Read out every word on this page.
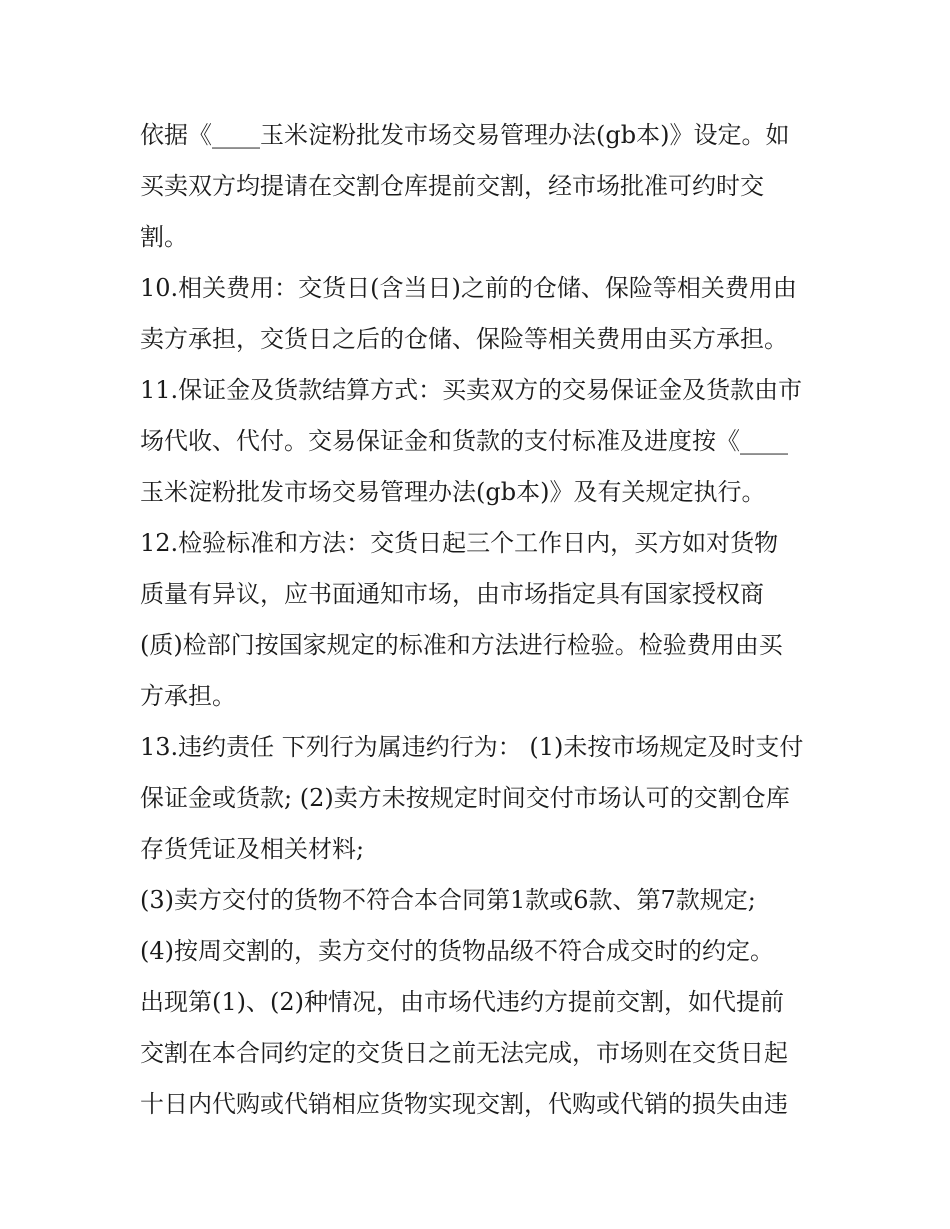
依据《____玉米淀粉批发市场交易管理办法(gb本)》设定。如
买卖双方均提请在交割仓库提前交割，经市场批准可约时交
割。
10.相关费用：交货日(含当日)之前的仓储、保险等相关费用由
卖方承担，交货日之后的仓储、保险等相关费用由买方承担。
11.保证金及货款结算方式：买卖双方的交易保证金及货款由市
场代收、代付。交易保证金和货款的支付标准及进度按《____
玉米淀粉批发市场交易管理办法(gb本)》及有关规定执行。
12.检验标准和方法：交货日起三个工作日内，买方如对货物
质量有异议，应书面通知市场，由市场指定具有国家授权商
(质)检部门按国家规定的标准和方法进行检验。检验费用由买
方承担。
13.违约责任 下列行为属违约行为： (1)未按市场规定及时支付
保证金或货款; (2)卖方未按规定时间交付市场认可的交割仓库
存货凭证及相关材料;
(3)卖方交付的货物不符合本合同第1款或6款、第7款规定;
(4)按周交割的，卖方交付的货物品级不符合成交时的约定。
出现第(1)、(2)种情况，由市场代违约方提前交割，如代提前
交割在本合同约定的交货日之前无法完成，市场则在交货日起
十日内代购或代销相应货物实现交割，代购或代销的损失由违
